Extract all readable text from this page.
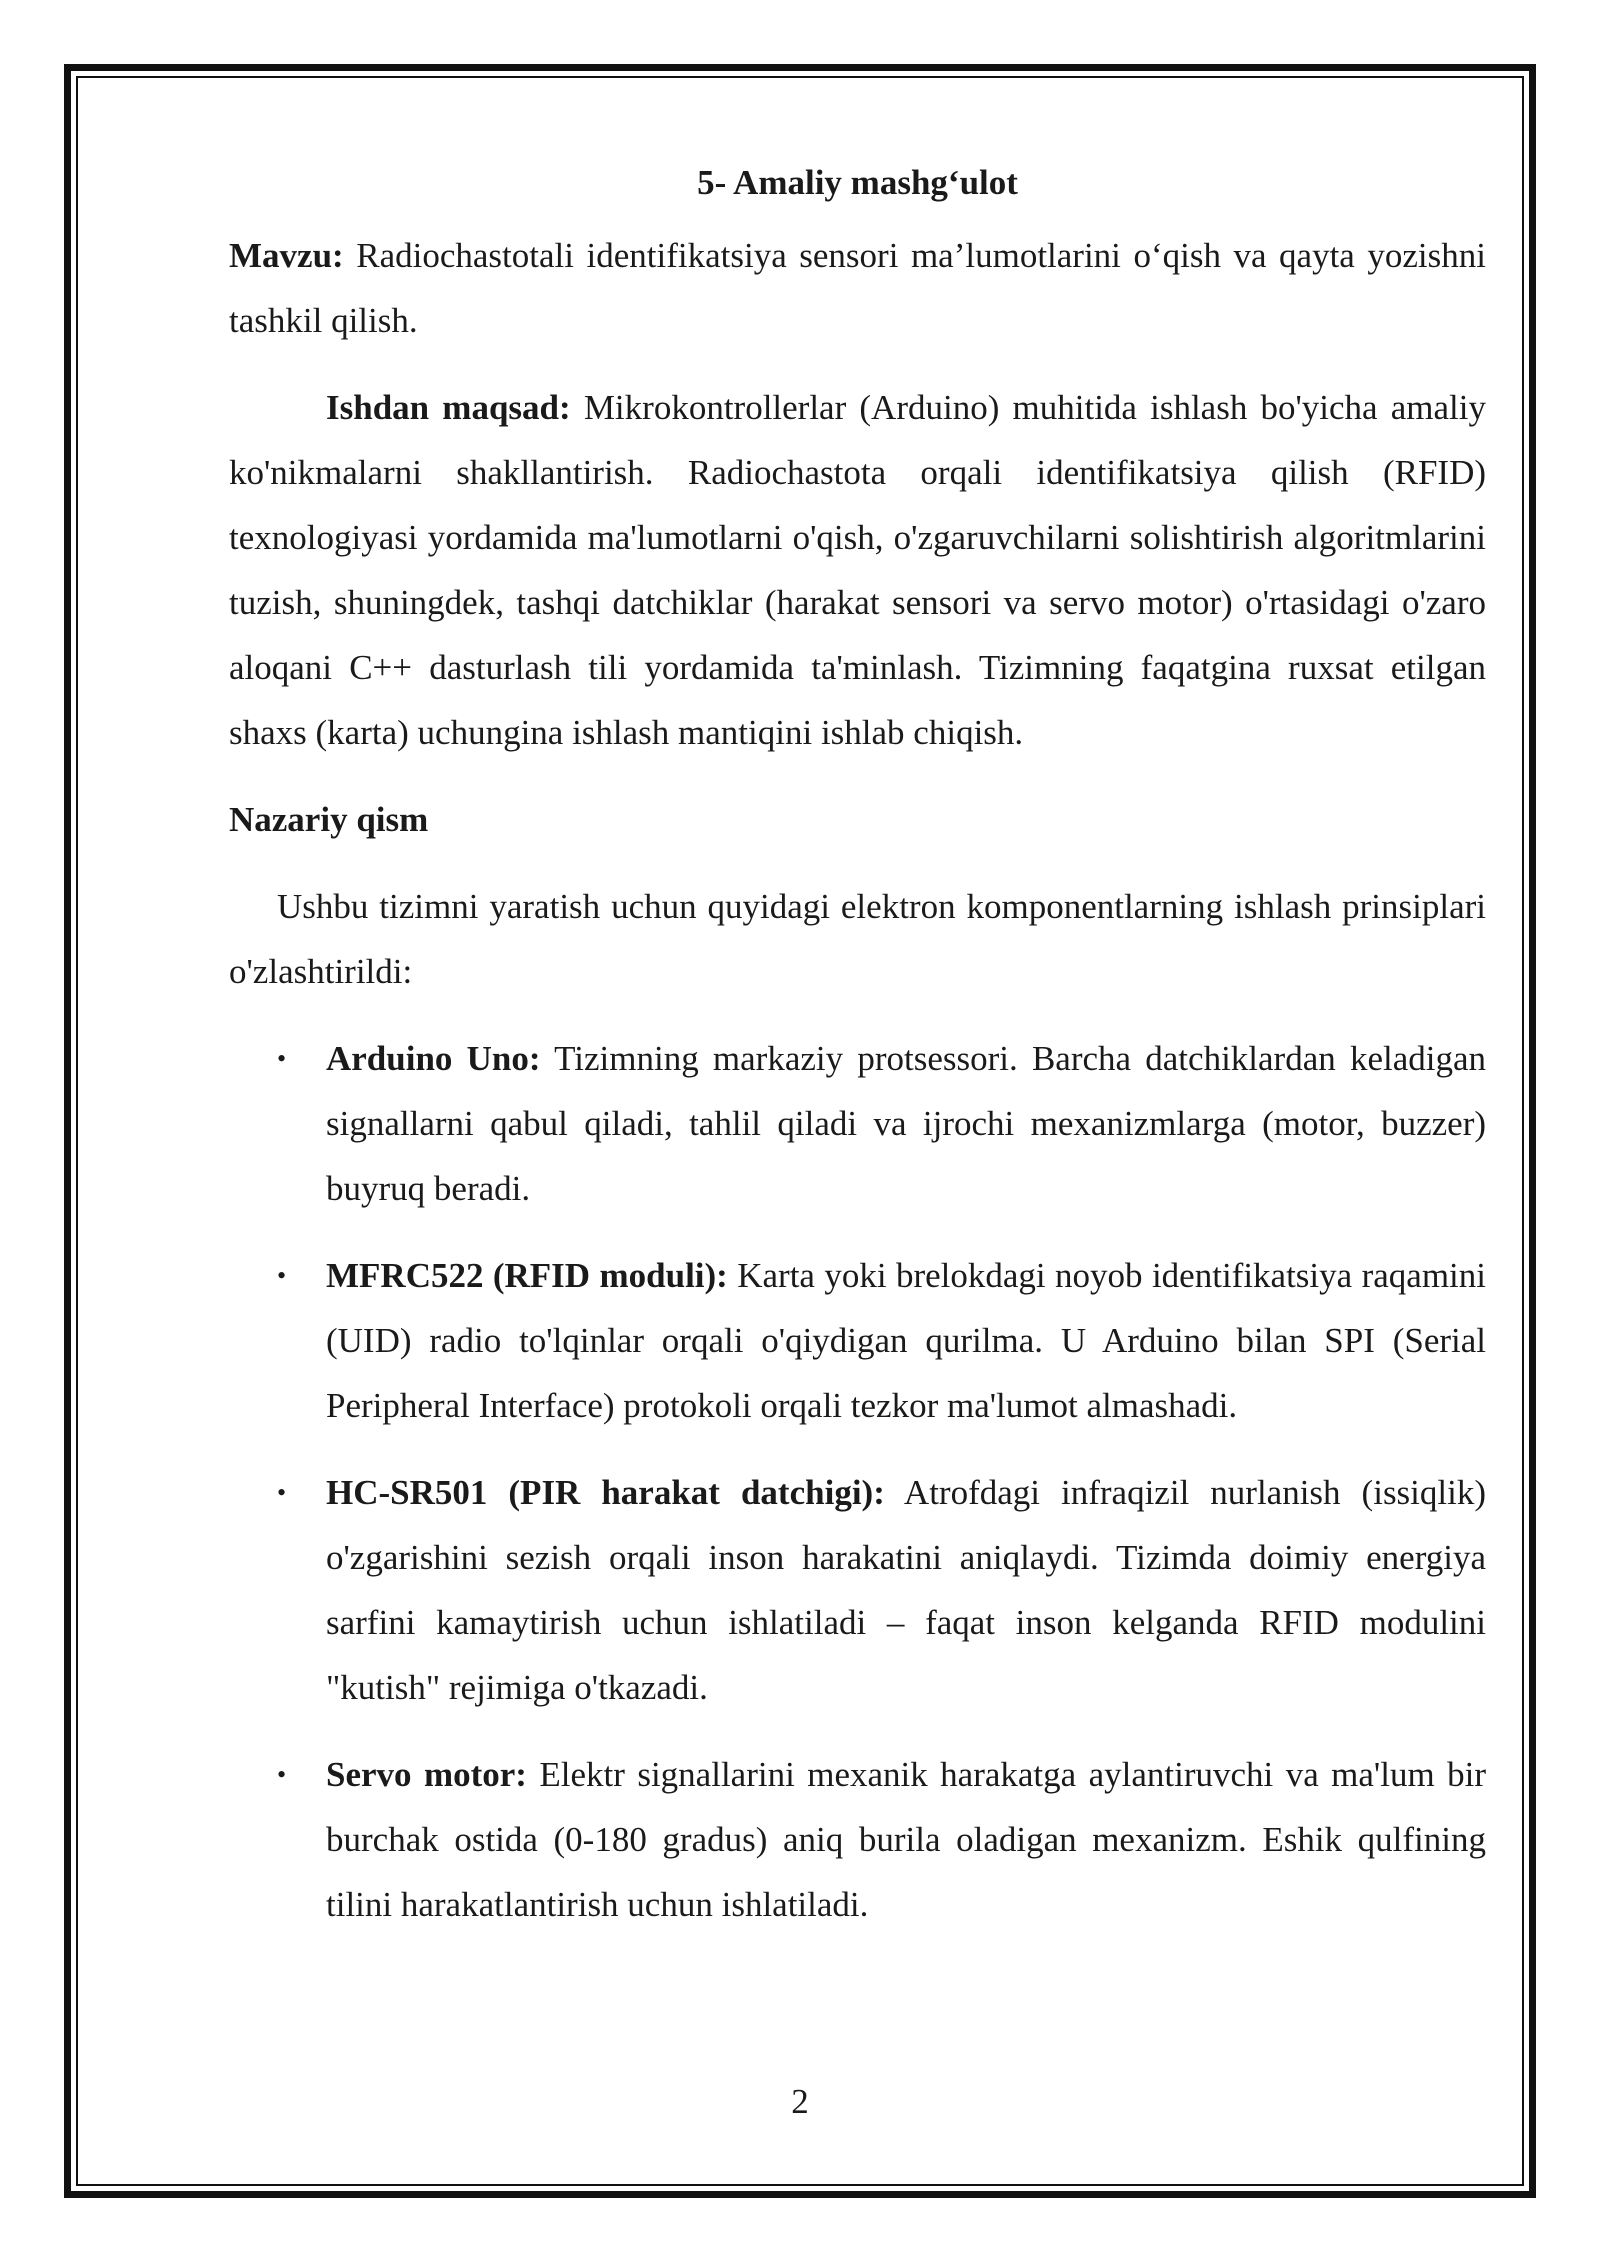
5- Amaliy mashg‘ulot

Mavzu: Radiochastotali identifikatsiya sensori ma’lumotlarini o‘qish va qayta yozishni tashkil qilish.

Ishdan maqsad: Mikrokontrollerlar (Arduino) muhitida ishlash bo'yicha amaliy ko'nikmalarni shakllantirish. Radiochastota orqali identifikatsiya qilish (RFID) texnologiyasi yordamida ma'lumotlarni o'qish, o'zgaruvchilarni solishtirish algoritmlarini tuzish, shuningdek, tashqi datchiklar (harakat sensori va servo motor) o'rtasidagi o'zaro aloqani C++ dasturlash tili yordamida ta'minlash. Tizimning faqatgina ruxsat etilgan shaxs (karta) uchungina ishlash mantiqini ishlab chiqish.

Nazariy qism

Ushbu tizimni yaratish uchun quyidagi elektron komponentlarning ishlash prinsiplari o'zlashtirildi:

• Arduino Uno: Tizimning markaziy protsessori. Barcha datchiklardan keladigan signallarni qabul qiladi, tahlil qiladi va ijrochi mexanizmlarga (motor, buzzer) buyruq beradi.
• MFRC522 (RFID moduli): Karta yoki brelokdagi noyob identifikatsiya raqamini (UID) radio to'lqinlar orqali o'qiydigan qurilma. U Arduino bilan SPI (Serial Peripheral Interface) protokoli orqali tezkor ma'lumot almashadi.
• HC-SR501 (PIR harakat datchigi): Atrofdagi infraqizil nurlanish (issiqlik) o'zgarishini sezish orqali inson harakatini aniqlaydi. Tizimda doimiy energiya sarfini kamaytirish uchun ishlatiladi – faqat inson kelganda RFID modulini "kutish" rejimiga o'tkazadi.
• Servo motor: Elektr signallarini mexanik harakatga aylantiruvchi va ma'lum bir burchak ostida (0-180 gradus) aniq burila oladigan mexanizm. Eshik qulfining tilini harakatlantirish uchun ishlatiladi.
2
